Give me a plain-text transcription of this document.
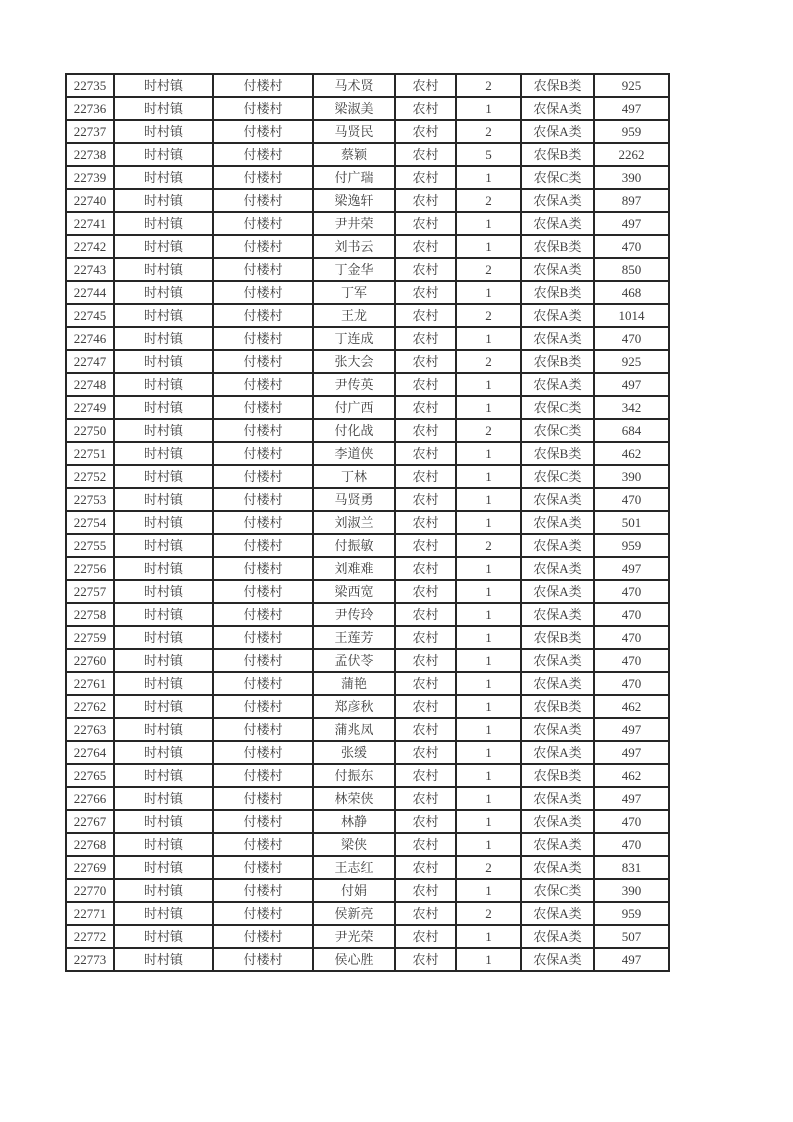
22735	时村镇	付楼村	马术贤	农村	2	农保B类	925
22736	时村镇	付楼村	梁淑美	农村	1	农保A类	497
22737	时村镇	付楼村	马贤民	农村	2	农保A类	959
22738	时村镇	付楼村	蔡颖	农村	5	农保B类	2262
22739	时村镇	付楼村	付广瑞	农村	1	农保C类	390
22740	时村镇	付楼村	梁逸轩	农村	2	农保A类	897
22741	时村镇	付楼村	尹井荣	农村	1	农保A类	497
22742	时村镇	付楼村	刘书云	农村	1	农保B类	470
22743	时村镇	付楼村	丁金华	农村	2	农保A类	850
22744	时村镇	付楼村	丁军	农村	1	农保B类	468
22745	时村镇	付楼村	王龙	农村	2	农保A类	1014
22746	时村镇	付楼村	丁连成	农村	1	农保A类	470
22747	时村镇	付楼村	张大会	农村	2	农保B类	925
22748	时村镇	付楼村	尹传英	农村	1	农保A类	497
22749	时村镇	付楼村	付广西	农村	1	农保C类	342
22750	时村镇	付楼村	付化战	农村	2	农保C类	684
22751	时村镇	付楼村	李道侠	农村	1	农保B类	462
22752	时村镇	付楼村	丁林	农村	1	农保C类	390
22753	时村镇	付楼村	马贤勇	农村	1	农保A类	470
22754	时村镇	付楼村	刘淑兰	农村	1	农保A类	501
22755	时村镇	付楼村	付振敏	农村	2	农保A类	959
22756	时村镇	付楼村	刘难难	农村	1	农保A类	497
22757	时村镇	付楼村	梁西宽	农村	1	农保A类	470
22758	时村镇	付楼村	尹传玲	农村	1	农保A类	470
22759	时村镇	付楼村	王莲芳	农村	1	农保B类	470
22760	时村镇	付楼村	孟伏苓	农村	1	农保A类	470
22761	时村镇	付楼村	蒲艳	农村	1	农保A类	470
22762	时村镇	付楼村	郑彦秋	农村	1	农保B类	462
22763	时村镇	付楼村	蒲兆凤	农村	1	农保A类	497
22764	时村镇	付楼村	张缓	农村	1	农保A类	497
22765	时村镇	付楼村	付振东	农村	1	农保B类	462
22766	时村镇	付楼村	林荣侠	农村	1	农保A类	497
22767	时村镇	付楼村	林静	农村	1	农保A类	470
22768	时村镇	付楼村	梁侠	农村	1	农保A类	470
22769	时村镇	付楼村	王志红	农村	2	农保A类	831
22770	时村镇	付楼村	付娟	农村	1	农保C类	390
22771	时村镇	付楼村	侯新亮	农村	2	农保A类	959
22772	时村镇	付楼村	尹光荣	农村	1	农保A类	507
22773	时村镇	付楼村	侯心胜	农村	1	农保A类	497
